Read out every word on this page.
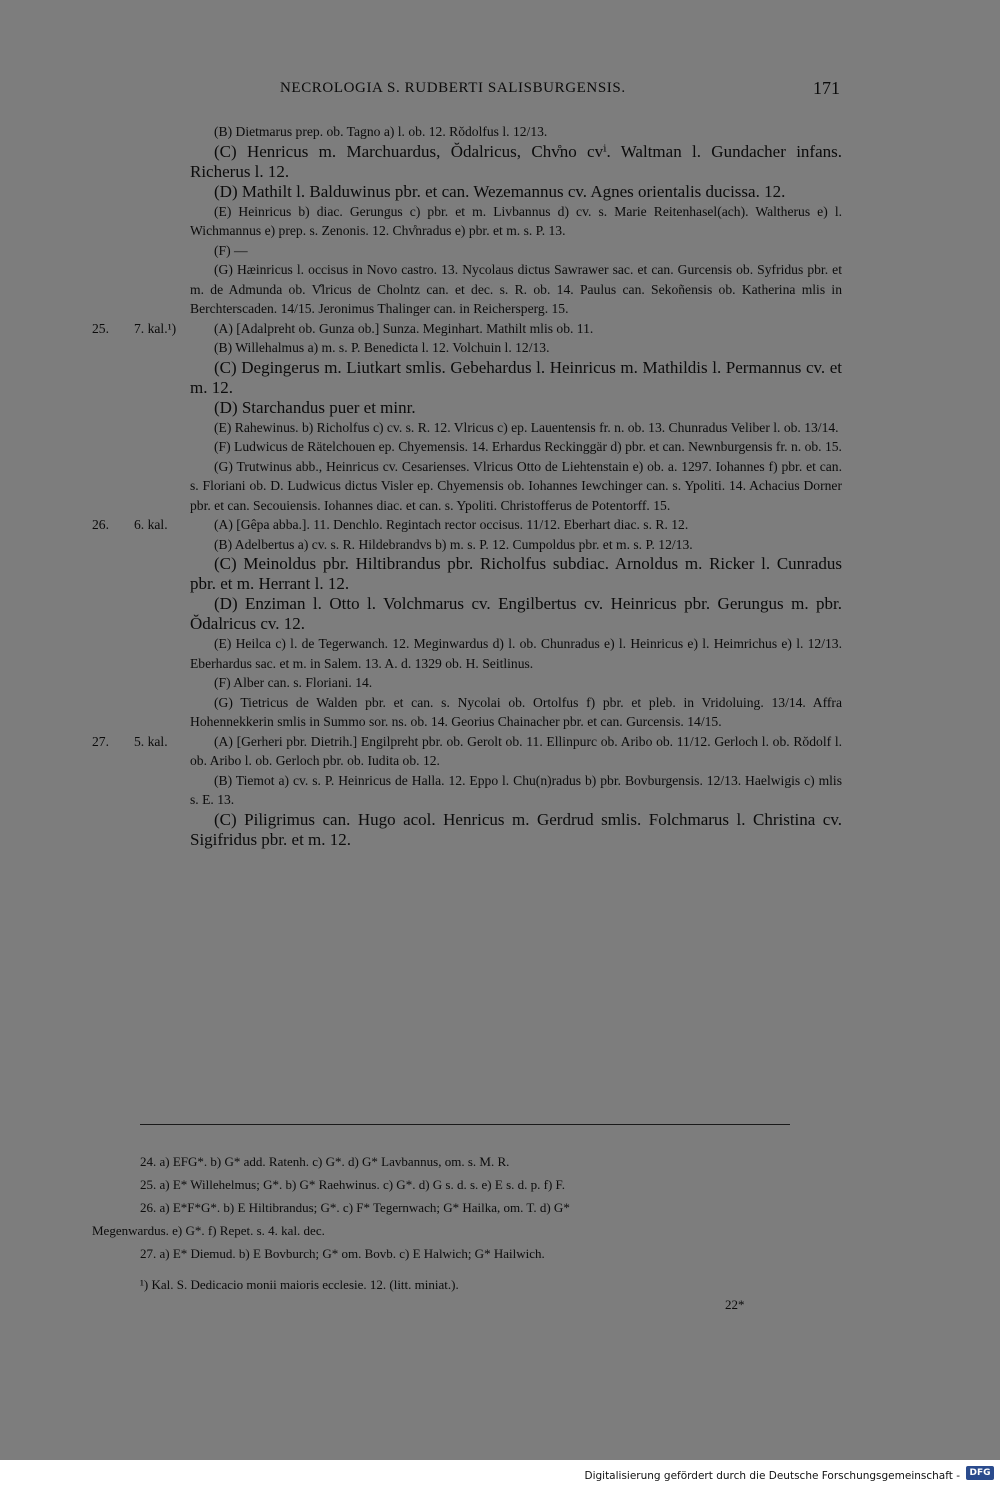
NECROLOGIA S. RUDBERTI SALISBURGENSIS.	171

(B) Dietmarus prep. ob. Tagno a) l. ob. 12. Rŏdolfus l. 12/13.

(C) Henricus m. Marchuardus, Ŏdalricus, Chv̊no cvⁱ. Waltman l. Gundacher infans. Richerus l. 12.

(D) Mathilt l. Balduwinus pbr. et can. Wezemannus cv. Agnes orientalis ducissa. 12.

(E) Heinricus b) diac. Gerungus c) pbr. et m. Livbannus d) cv. s. Marie Reitenhasel(ach). Waltherus e) l. Wichmannus e) prep. s. Zenonis. 12. Chv̊nradus e) pbr. et m. s. P. 13.

(F) —

(G) Hæinricus l. occisus in Novo castro. 13. Nycolaus dictus Sawrawer sac. et can. Gurcensis ob. Syfridus pbr. et m. de Admunda ob. V̊lricus de Cholntz can. et dec. s. R. ob. 14. Paulus can. Sekoñensis ob. Katherina mlis in Berchterscaden. 14/15. Jeronimus Thalinger can. in Reichersperg. 15.

25.	7. kal.¹)	(A) [Adalpreht ob. Gunza ob.] Sunza. Meginhart. Mathilt mlis ob. 11.

(B) Willehalmus a) m. s. P. Benedicta l. 12. Volchuin l. 12/13.

(C) Degingerus m. Liutkart smlis. Gebehardus l. Heinricus m. Mathildis l. Permannus cv. et m. 12.

(D) Starchandus puer et minr.

(E) Rahewinus. b) Richolfus c) cv. s. R. 12. Vlricus c) ep. Lauentensis fr. n. ob. 13. Chunradus Veliber l. ob. 13/14.

(F) Ludwicus de Rätelchouen ep. Chyemensis. 14. Erhardus Reckinggär d) pbr. et can. Newnburgensis fr. n. ob. 15.

(G) Trutwinus abb., Heinricus cv. Cesarienses. Vlricus Otto de Liehtenstain e) ob. a. 1297. Iohannes f) pbr. et can. s. Floriani ob. D. Ludwicus dictus Visler ep. Chyemensis ob. Iohannes Iewchinger can. s. Ypoliti. 14. Achacius Dorner pbr. et can. Secouiensis. Iohannes diac. et can. s. Ypoliti. Christofferus de Potentorff. 15.

26.	6. kal.	(A) [Gêpa abba.]. 11. Denchlo. Regintach rector occisus. 11/12. Eberhart diac. s. R. 12.

(B) Adelbertus a) cv. s. R. Hildebrandvs b) m. s. P. 12. Cumpoldus pbr. et m. s. P. 12/13.

(C) Meinoldus pbr. Hiltibrandus pbr. Richolfus subdiac. Arnoldus m. Ricker l. Cunradus pbr. et m. Herrant l. 12.

(D) Enziman l. Otto l. Volchmarus cv. Engilbertus cv. Heinricus pbr. Gerungus m. pbr. Ŏdalricus cv. 12.

(E) Heilca c) l. de Tegerwanch. 12. Meginwardus d) l. ob. Chunradus e) l. Heinricus e) l. Heimrichus e) l. 12/13. Eberhardus sac. et m. in Salem. 13. A. d. 1329 ob. H. Seitlinus.

(F) Alber can. s. Floriani. 14.

(G) Tietricus de Walden pbr. et can. s. Nycolai ob. Ortolfus f) pbr. et pleb. in Vridoluing. 13/14. Affra Hohennekkerin smlis in Summo sor. ns. ob. 14. Georius Chainacher pbr. et can. Gurcensis. 14/15.

27.	5. kal.	(A) [Gerheri pbr. Dietrih.] Engilpreht pbr. ob. Gerolt ob. 11. Ellinpurc ob. Aribo ob. 11/12. Gerloch l. ob. Rŏdolf l. ob. Aribo l. ob. Gerloch pbr. ob. Iudita ob. 12.

(B) Tiemot a) cv. s. P. Heinricus de Halla. 12. Eppo l. Chu(n)radus b) pbr. Bovburgensis. 12/13. Haelwigis c) mlis s. E. 13.

(C) Piligrimus can. Hugo acol. Henricus m. Gerdrud smlis. Folchmarus l. Christina cv. Sigifridus pbr. et m. 12.

24. a) EFG*. b) G* add. Ratenh. c) G*. d) G* Lavbannus, om. s. M. R.

25. a) E* Willehelmus; G*. b) G* Raehwinus. c) G*. d) G s. d. s. e) E s. d. p. f) F.

26. a) E*F*G*. b) E Hiltibrandus; G*. c) F* Tegernwach; G* Hailka, om. T. d) G*

Megenwardus. e) G*. f) Repet. s. 4. kal. dec.

27. a) E* Diemud. b) E Bovburch; G* om. Bovb. c) E Halwich; G* Hailwich.

¹) Kal. S. Dedicacio monii maioris ecclesie. 12. (litt. miniat.).
22*
Digitalisierung gefördert durch die Deutsche Forschungsgemeinschaft -	DFG
